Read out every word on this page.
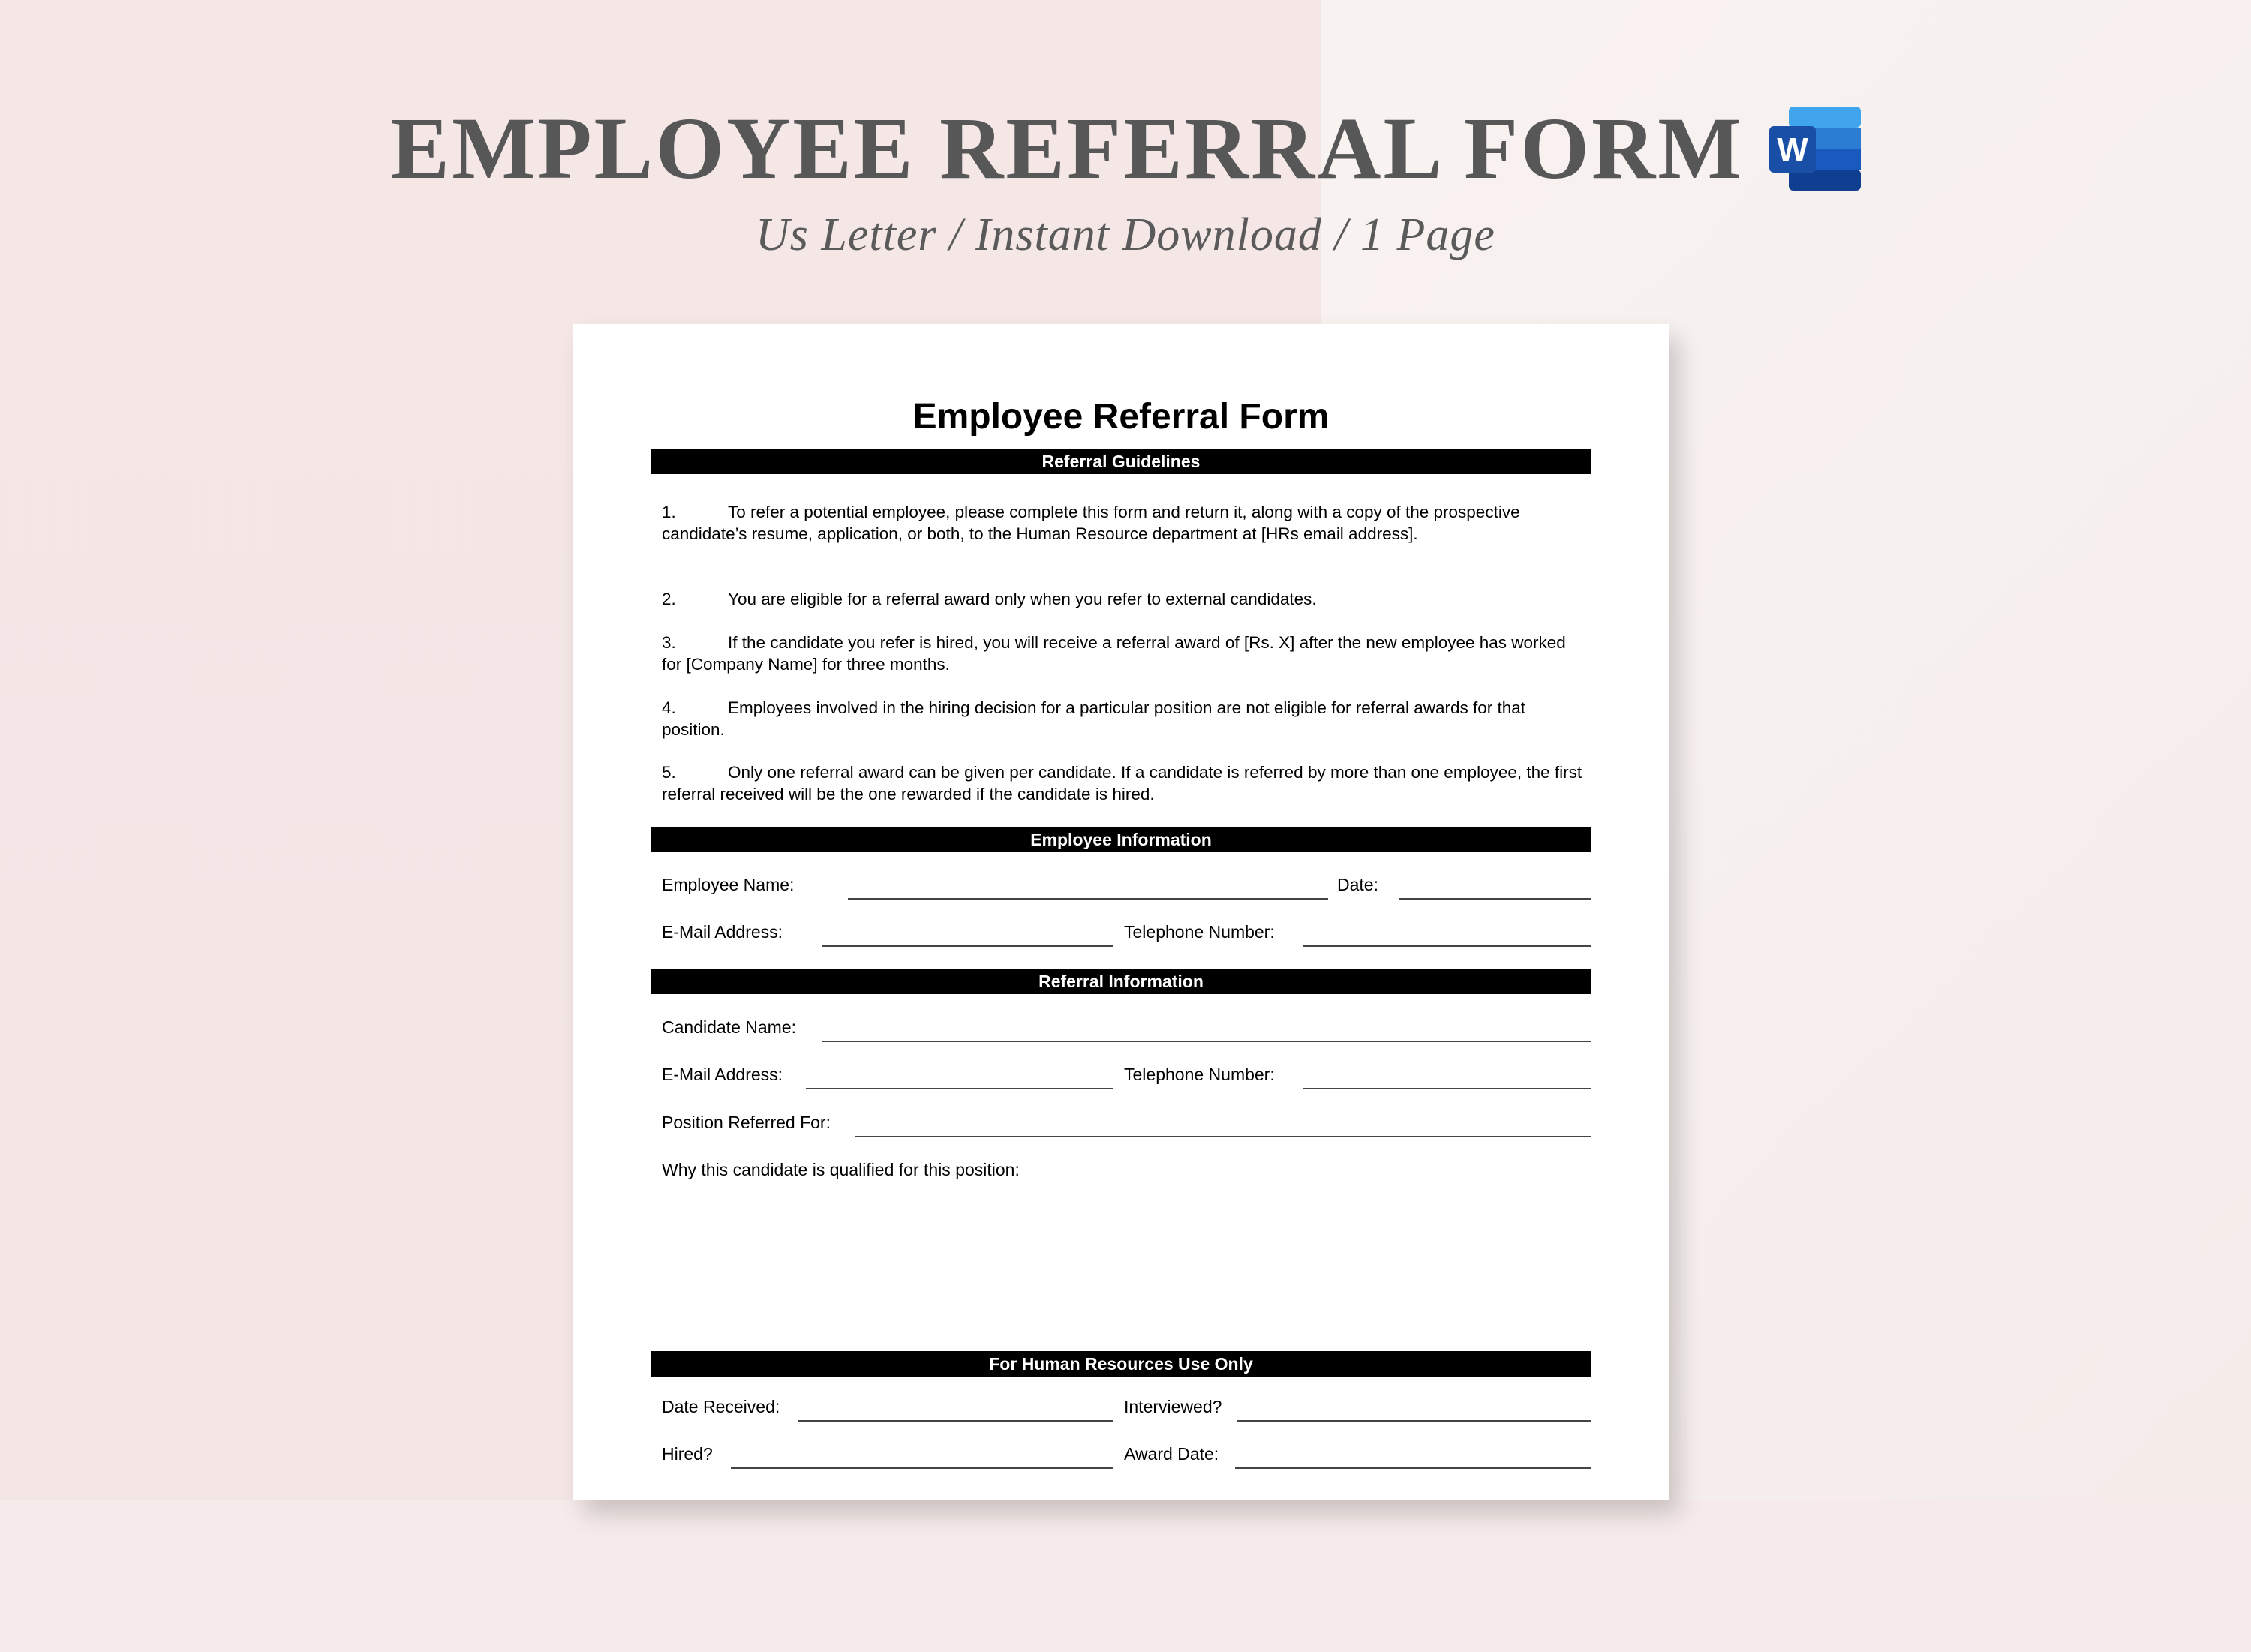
EMPLOYEE REFERRAL FORM W
Us Letter / Instant Download / 1 Page
Employee Referral Form
Referral Guidelines
1.	To refer a potential employee, please complete this form and return it, along with a copy of the prospective candidate’s resume, application, or both, to the Human Resource department at [HRs email address].
2.	You are eligible for a referral award only when you refer to external candidates.
3.	If the candidate you refer is hired, you will receive a referral award of [Rs. X] after the new employee has worked for [Company Name] for three months.
4.	Employees involved in the hiring decision for a particular position are not eligible for referral awards for that position.
5.	Only one referral award can be given per candidate. If a candidate is referred by more than one employee, the first referral received will be the one rewarded if the candidate is hired.
Employee Information
Employee Name:	Date:
E-Mail Address:	Telephone Number:
Referral Information
Candidate Name:
E-Mail Address:	Telephone Number:
Position Referred For:
Why this candidate is qualified for this position:
For Human Resources Use Only
Date Received:	Interviewed?
Hired?	Award Date:
